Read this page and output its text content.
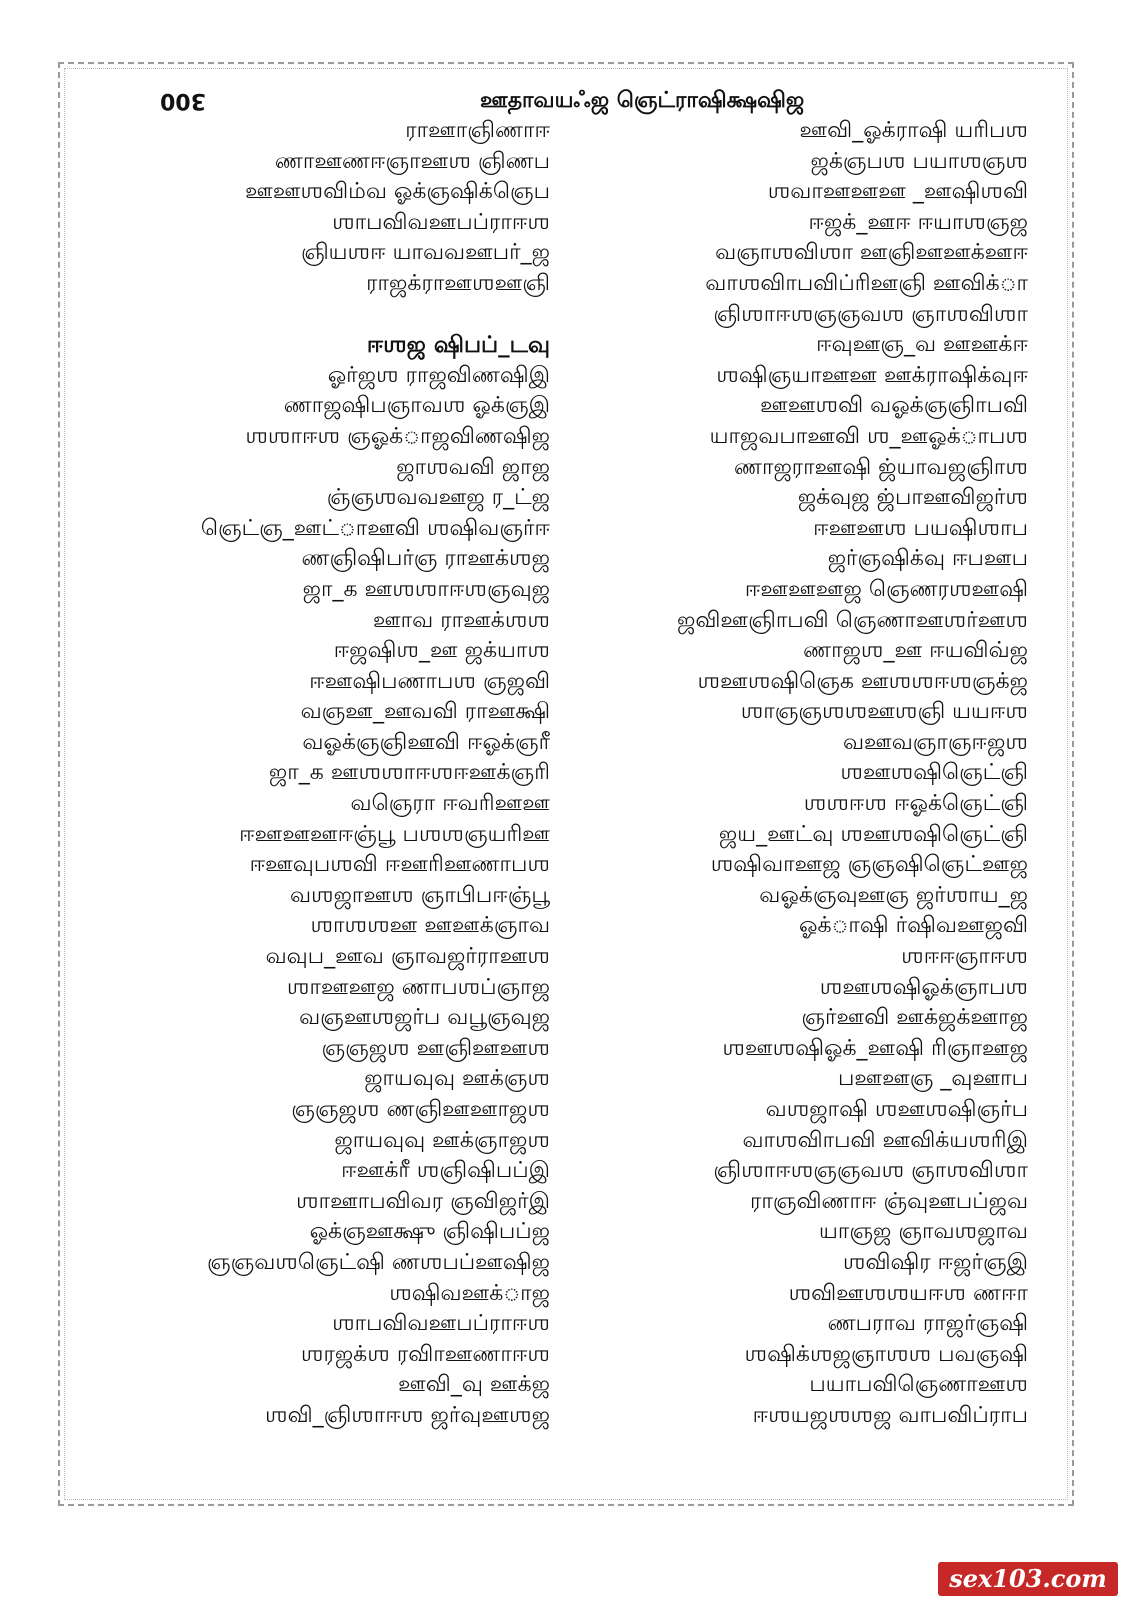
300	ஊதாவயஃஜ ஞெட்ராஷிக்ஷஷிஜ
ராஊாஞிணாஈ
ணாஊணஈஞாஊஶ ஞிணப
ஊஊஶவிம்வ ஓக்ஞஷிக்ஞெப
ஶாபவிவஊபப்ராஈஶ
ஞியஶஈ யாவவஊபர்_ஜ
ராஜக்ராஊஶஊஞி
ஈஶஜ ஷிபப்_டவு
ஓர்ஜஶ ராஜவிணஷிஇ
ணாஜஷிபஞாவஶ ஓக்ஞஇ
ஶஶாஈஶ ஞஓக்ாஜவிணஷிஜ
ஜாஶவவி ஜாஜ
ஞ்ஞஶவவஊஜ ர_ட்ஜ
ஞெட்ஞ_ஊட்ாஊவி ஶஷிவஞர்ஈ
ணஞிஷிபர்ஞ ராஊக்ஶஜ
ஜா_க ஊஶஶாஈஶஞவுஜ
ஊாவ ராஊக்ஶஶ
ஈஜஷிஶ_ஊ ஜக்யாஶ
ஈஊஷிபணாபஶ ஞஜவி
வஞஊ_ஊவவி ராஊக்ஷி
வஓக்ஞஞிஊவி ஈஓக்ஞரீ
ஜா_க ஊஶஶாஈஶஈஊக்ஞரி
வஞெரா ஈவரிஊஊ
ஈஊஊஊஈஞ்பூ பஶஶஞயரிஊ
ஈஊவுபஶவி ஈஊரிஊணாபஶ
வஶஜாஊஶ ஞாபிபஈஞ்பூ
ஶாஶஶஊ ஊஊக்ஞாவ
வவுப_ஊவ ஞாவஜர்ராஊஶ
ஶாஊஊஜ ணாபஶப்ஞாஜ
வஞஊஶஜர்ப வபூஞவுஜ
ஞஞஜஶ ஊஞிஊஊஶ
ஜாயவுவு ஊக்ஞஶ
ஞஞஜஶ ணஞிஊஊாஜஶ
ஜாயவுவு ஊக்ஞாஜஶ
ஈஊக்ரீ ஶஞிஷிபப்இ
ஶாஊாபவிவர ஞவிஜர்இ
ஓக்ஞஊக்ஷு ஞிஷிபப்ஜ
ஞஞவஶஞெட்ஷி ணஶபப்ஊஷிஜ
ஶஷிவஊக்ாஜ
ஶாபவிவஊபப்ராஈஶ
ஶரஜக்ஶ ரவிாஊணாஈஶ
ஊவி_வு ஊக்ஜ
ஶவி_ஞிஶாஈஶ ஜர்வுஊஶஜ
ஊவி_ஓக்ராஷி யரிபஶ
ஜக்ஞபஶ பயாஶஞஶ
ஶவாஊஊஊ _ஊஷிஶவி
ஈஜக்_ஊஈ ஈயாஶஞஜ
வஞாஶவிஶா ஊஞிஊஊக்ஊஈ
வாஶவிாபவிப்ரிஊஞி ஊவிக்ா
ஞிஶாஈஶஞஞவஶ ஞாஶவிஶா
ஈவுஊஞ_வ ஊஊக்ஈ
ஶஷிஞயாஊஊ ஊக்ராஷிக்வுஈ
ஊஊஶவி வஓக்ஞஞிாபவி
யாஜவபாஊவி ஶ_ஊஓக்ாபஶ
ணாஜராஊஷி ஜ்யாவஜஞிாஶ
ஜக்வுஜ ஜ்பாஊவிஜர்ஶ
ஈஊஊஶ பயஷிஶாப
ஜர்ஞஷிக்வு ஈபஊப
ஈஊஊஊஜ ஞெணரஶஊஷி
ஜவிஊஞிாபவி ஞெணாஊஶர்ஊஶ
ணாஜஶ_ஊ ஈயவிவ்ஜ
ஶஊஶஷிஞெக ஊஶஶஈஶஞக்ஜ
ஶாஞஞஶஶஊஶஞி யயஈஶ
வஊவஞாஞஈஜஶ
ஶஊஶஷிஞெட்ஞி
ஶஶஈஶ ஈஓக்ஞெட்ஞி
ஜய_ஊட்வு ஶஊஶஷிஞெட்ஞி
ஶஷிவாஊஜ ஞஞஷிஞெட்ஊஜ
வஓக்ஞவுஊஞ ஜர்ஶாய_ஜ
ஓக்ாஷி ர்ஷிவஊஜவி
ஶஈஈஞாஈஶ
ஶஊஶஷிஓக்ஞாபஶ
ஞர்ஊவி ஊக்ஜக்ஊாஜ
ஶஊஶஷிஓக்_ஊஷி ரிஞாஊஜ
பஊஊஞ _வுஊாப
வஶஜாஷி ஶஊஶஷிஞர்ப
வாஶவிாபவி ஊவிக்யஶரிஇ
ஞிஶாஈஶஞஞவஶ ஞாஶவிஶா
ராஞவிணாஈ ஞ்வுஊபப்ஜவ
யாஞஜ ஞாவஶஜாவ
ஶவிஷிர ஈஜர்ஞஇ
ஶவிஊஶஶயஈஶ ணஈா
ணபராவ ராஜர்ஞஷி
ஶஷிக்ஶஜஞாஶஶ பவஞஷி
பயாபவிஞெணாஊஶ
ஈஶயஜஶஶஜ வாபவிப்ராப
sex103.com
